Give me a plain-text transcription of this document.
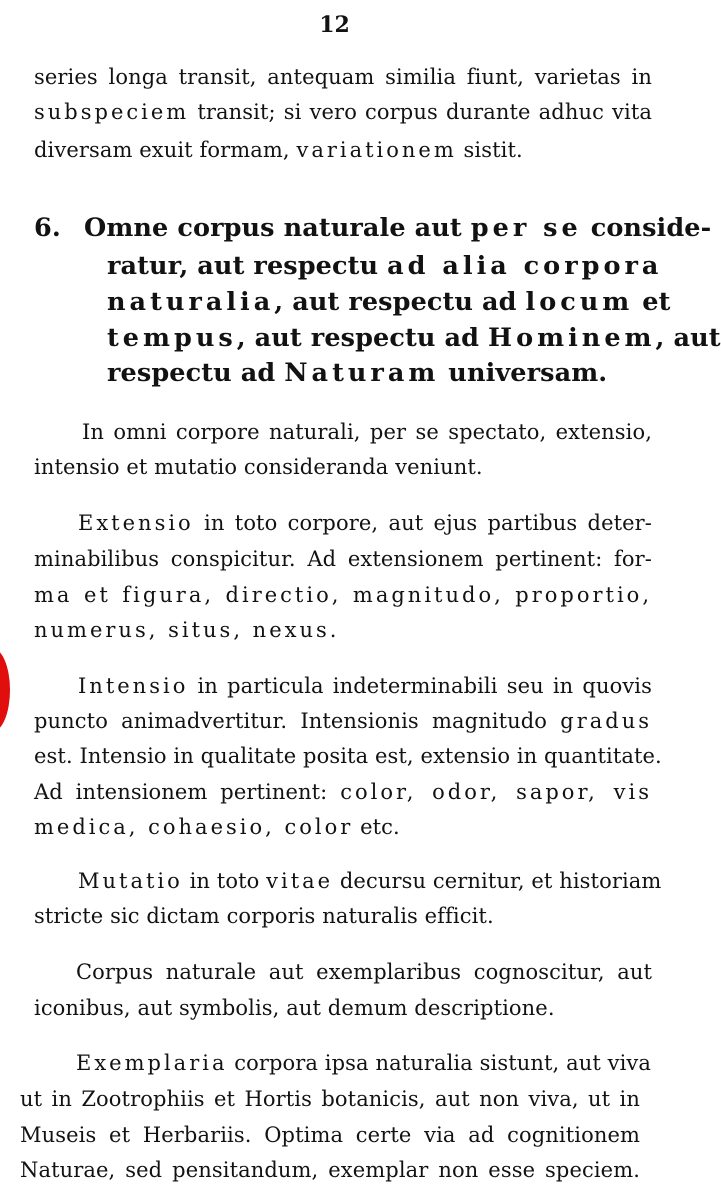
12
series longa transit, antequam similia fiunt, varietas in
subspeciem transit; si vero corpus durante adhuc vita
diversam exuit formam, variationem sistit.
6. Omne corpus naturale aut per se conside-
ratur, aut respectu ad alia corpora
naturalia, aut respectu ad locum et
tempus, aut respectu ad Hominem, aut
respectu ad Naturam universam.
In omni corpore naturali, per se spectato, extensio,
intensio et mutatio consideranda veniunt.
Extensio in toto corpore, aut ejus partibus deter-
minabilibus conspicitur. Ad extensionem pertinent: for-
ma et figura, directio, magnitudo, proportio,
numerus, situs, nexus.
Intensio in particula indeterminabili seu in quovis
puncto animadvertitur. Intensionis magnitudo gradus
est. Intensio in qualitate posita est, extensio in quantitate.
Ad intensionem pertinent: color, odor, sapor, vis
medica, cohaesio, color etc.
Mutatio in toto vitae decursu cernitur, et historiam
stricte sic dictam corporis naturalis efficit.
Corpus naturale aut exemplaribus cognoscitur, aut
iconibus, aut symbolis, aut demum descriptione.
Exemplaria corpora ipsa naturalia sistunt, aut viva
ut in Zootrophiis et Hortis botanicis, aut non viva, ut in
Museis et Herbariis. Optima certe via ad cognitionem
Naturae, sed pensitandum, exemplar non esse speciem.
